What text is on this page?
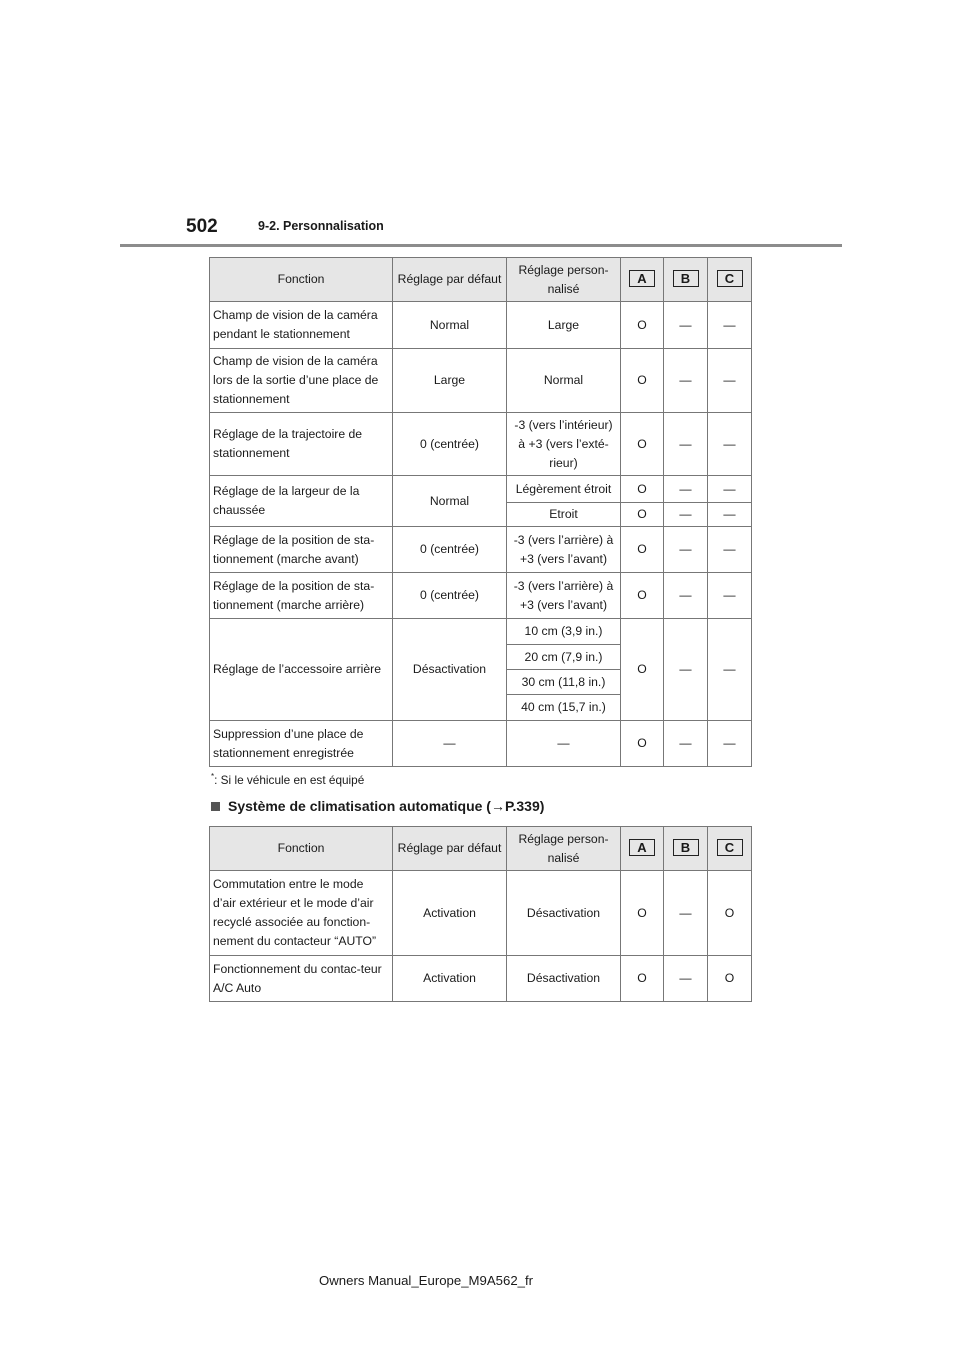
502	9-2. Personnalisation
Fonction	Réglage par défaut	Réglage person-nalisé	A	B	C
Champ de vision de la caméra pendant le stationnement	Normal	Large	O	—	—
Champ de vision de la caméra lors de la sortie d’une place de stationnement	Large	Normal	O	—	—
Réglage de la trajectoire de stationnement	0 (centrée)	-3 (vers l’intérieur) à +3 (vers l’exté-rieur)	O	—	—
Réglage de la largeur de la chaussée	Normal	Légèrement étroit	O	—	—
		Etroit	O	—	—
Réglage de la position de sta-tionnement (marche avant)	0 (centrée)	-3 (vers l’arrière) à +3 (vers l’avant)	O	—	—
Réglage de la position de sta-tionnement (marche arrière)	0 (centrée)	-3 (vers l’arrière) à +3 (vers l’avant)	O	—	—
Réglage de l’accessoire arrière	Désactivation	10 cm (3,9 in.)	O	—	—
		20 cm (7,9 in.)			
		30 cm (11,8 in.)			
		40 cm (15,7 in.)			
Suppression d’une place de stationnement enregistrée	—	—	O	—	—
*: Si le véhicule en est équipé
Système de climatisation automatique (→P.339)
Fonction	Réglage par défaut	Réglage person-nalisé	A	B	C
Commutation entre le mode d’air extérieur et le mode d’air recyclé associée au fonction-nement du contacteur “AUTO”	Activation	Désactivation	O	—	O
Fonctionnement du contac-teur A/C Auto	Activation	Désactivation	O	—	O
Owners Manual_Europe_M9A562_fr
